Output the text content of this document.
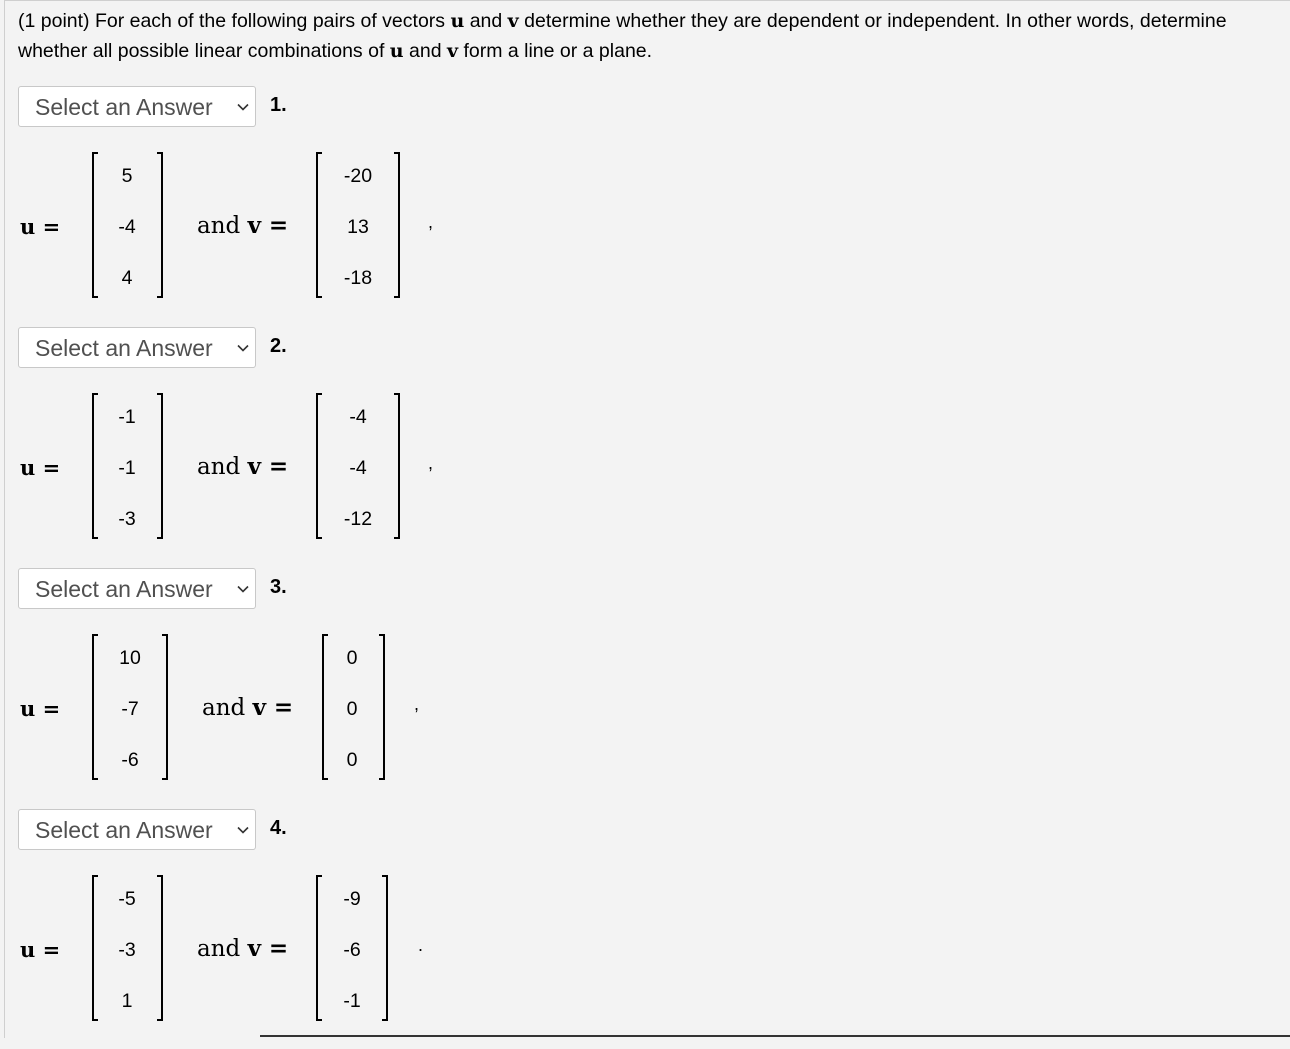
(1 point) For each of the following pairs of vectors u and v determine whether they are dependent or independent. In other words, determine whether all possible linear combinations of u and v form a line or a plane.
Select an Answer	1.
u =
5
-4
4
and v =
-20
13
-18
,
Select an Answer	2.
u =
-1
-1
-3
and v =
-4
-4
-12
,
Select an Answer	3.
u =
10
-7
-6
and v =
0
0
0
,
Select an Answer	4.
u =
-5
-3
1
and v =
-9
-6
-1
.
